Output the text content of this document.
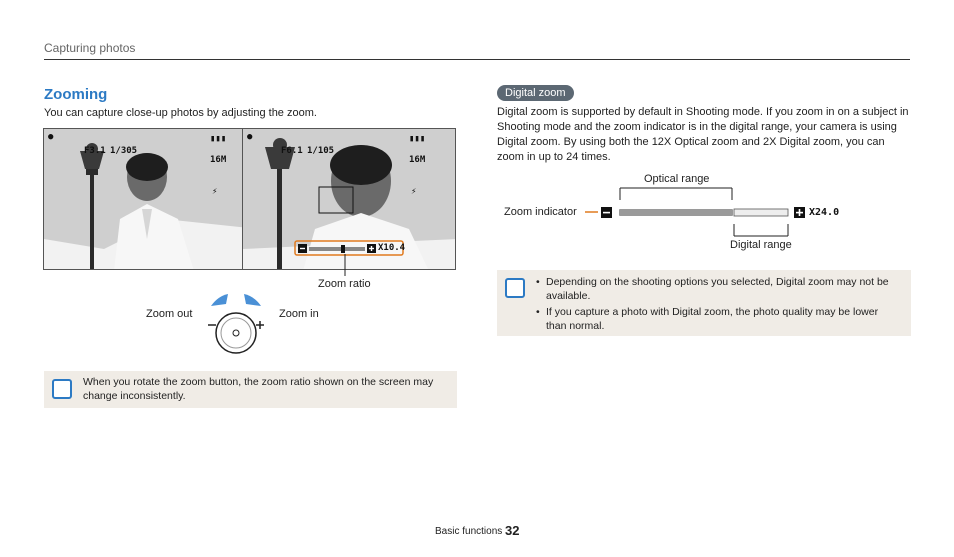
Capturing photos
Zooming
You can capture close-up photos by adjusting the zoom.
●
F3.1 1/305
16M
▮▮▮
⚡
●
F6.1 1/105
16M
▮▮▮
⚡
X10.4
Zoom ratio
Zoom out	Zoom in
When you rotate the zoom button, the zoom ratio shown on the screen may change inconsistently.
Digital zoom
Digital zoom is supported by default in Shooting mode. If you zoom in on a subject in Shooting mode and the zoom indicator is in the digital range, your camera is using Digital zoom. By using both the 12X Optical zoom and 2X Digital zoom, you can zoom in up to 24 times.
Optical range
Zoom indicator
Digital range
X24.0
• Depending on the shooting options you selected, Digital zoom may not be available.
• If you capture a photo with Digital zoom, the photo quality may be lower than normal.
Basic functions 32
